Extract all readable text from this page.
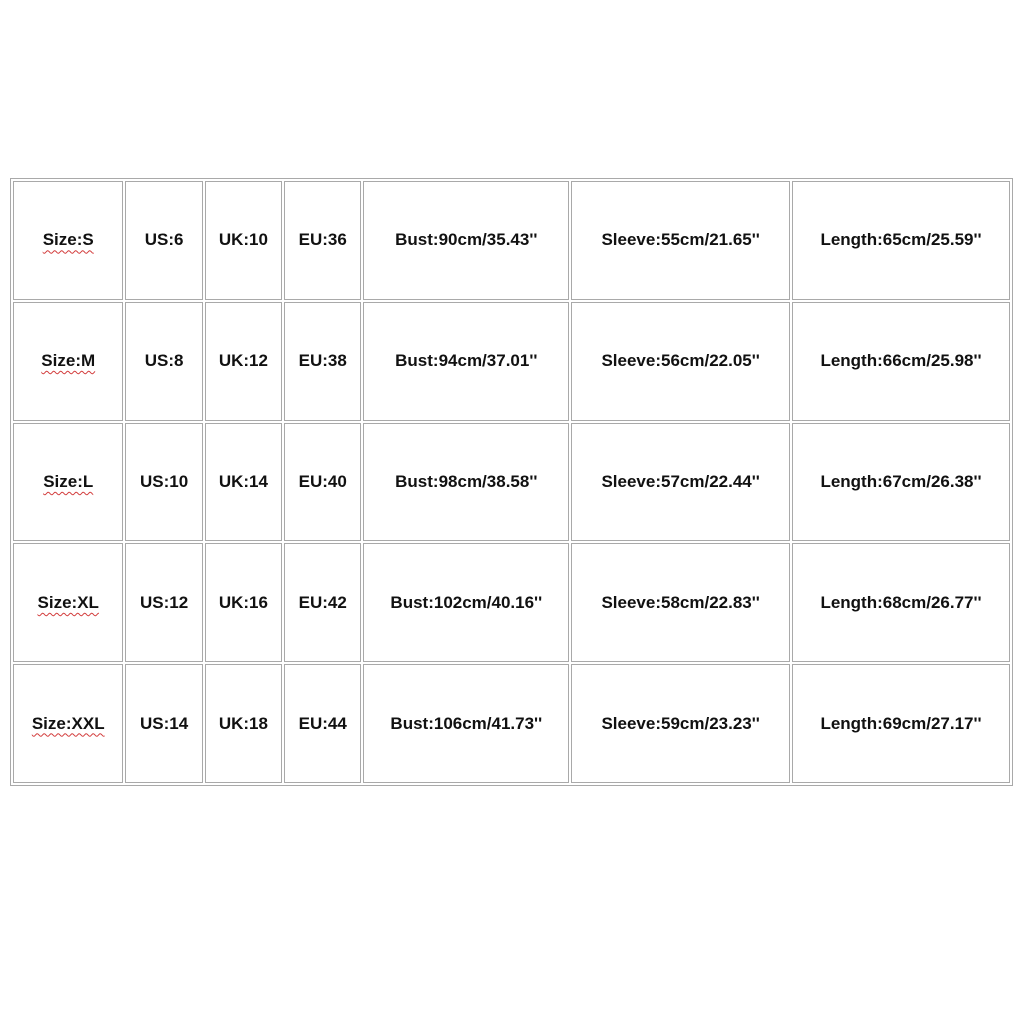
Size:S	US:6	UK:10	EU:36	Bust:90cm/35.43''	Sleeve:55cm/21.65''	Length:65cm/25.59''
Size:M	US:8	UK:12	EU:38	Bust:94cm/37.01''	Sleeve:56cm/22.05''	Length:66cm/25.98''
Size:L	US:10	UK:14	EU:40	Bust:98cm/38.58''	Sleeve:57cm/22.44''	Length:67cm/26.38''
Size:XL	US:12	UK:16	EU:42	Bust:102cm/40.16''	Sleeve:58cm/22.83''	Length:68cm/26.77''
Size:XXL	US:14	UK:18	EU:44	Bust:106cm/41.73''	Sleeve:59cm/23.23''	Length:69cm/27.17''
